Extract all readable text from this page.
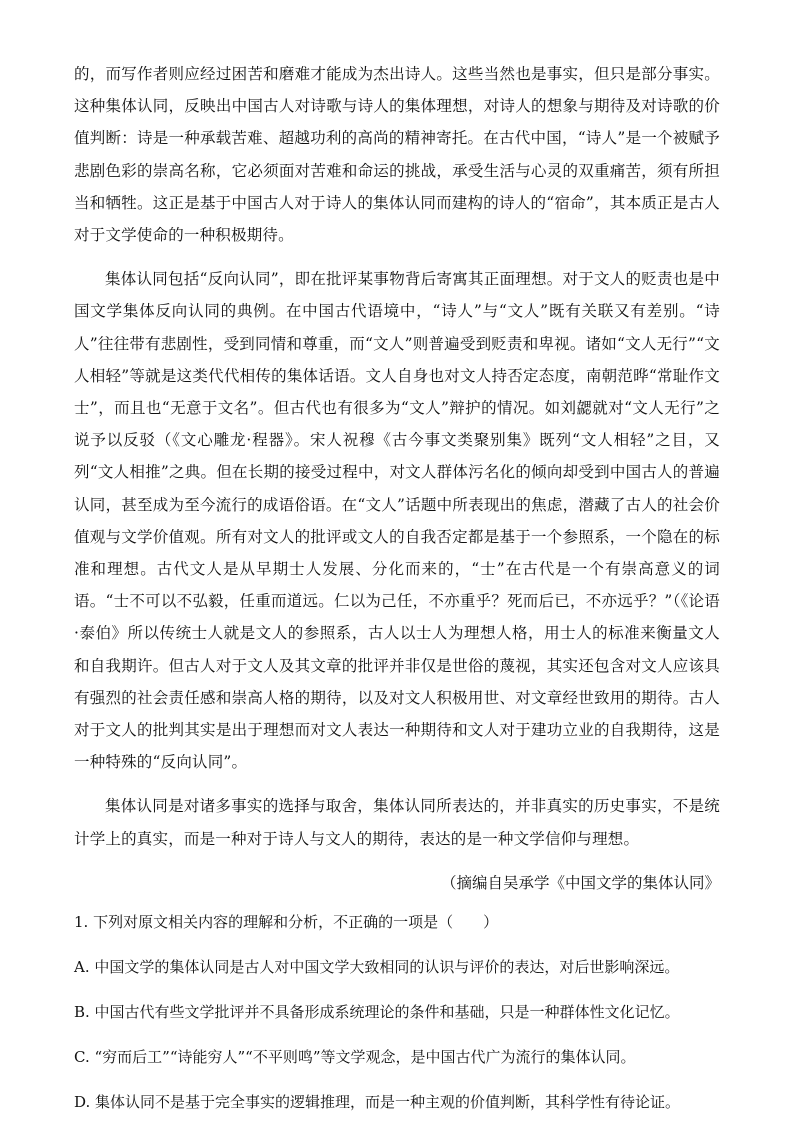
的，而写作者则应经过困苦和磨难才能成为杰出诗人。这些当然也是事实，但只是部分事实。这种集体认同，反映出中国古人对诗歌与诗人的集体理想，对诗人的想象与期待及对诗歌的价值判断：诗是一种承载苦难、超越功利的高尚的精神寄托。在古代中国，“诗人”是一个被赋予悲剧色彩的崇高名称，它必须面对苦难和命运的挑战，承受生活与心灵的双重痛苦，须有所担当和牺牲。这正是基于中国古人对于诗人的集体认同而建构的诗人的“宿命”，其本质正是古人对于文学使命的一种积极期待。

集体认同包括“反向认同”，即在批评某事物背后寄寓其正面理想。对于文人的贬责也是中国文学集体反向认同的典例。在中国古代语境中，“诗人”与“文人”既有关联又有差别。“诗人”往往带有悲剧性，受到同情和尊重，而“文人”则普遍受到贬责和卑视。诸如“文人无行”“文人相轻”等就是这类代代相传的集体话语。文人自身也对文人持否定态度，南朝范晔“常耻作文士”，而且也“无意于文名”。但古代也有很多为“文人”辩护的情况。如刘勰就对“文人无行”之说予以反驳（《文心雕龙·程器》。宋人祝穆《古今事文类聚别集》既列“文人相轻”之目，又列“文人相推”之典。但在长期的接受过程中，对文人群体污名化的倾向却受到中国古人的普遍认同，甚至成为至今流行的成语俗语。在“文人”话题中所表现出的焦虑，潜藏了古人的社会价值观与文学价值观。所有对文人的批评或文人的自我否定都是基于一个参照系，一个隐在的标准和理想。古代文人是从早期士人发展、分化而来的，“士”在古代是一个有崇高意义的词语。“士不可以不弘毅，任重而道远。仁以为己任，不亦重乎？死而后已，不亦远乎？”（《论语·泰伯》所以传统士人就是文人的参照系，古人以士人为理想人格，用士人的标准来衡量文人和自我期许。但古人对于文人及其文章的批评并非仅是世俗的蔑视，其实还包含对文人应该具有强烈的社会责任感和崇高人格的期待，以及对文人积极用世、对文章经世致用的期待。古人对于文人的批判其实是出于理想而对文人表达一种期待和文人对于建功立业的自我期待，这是一种特殊的“反向认同”。

集体认同是对诸多事实的选择与取舍，集体认同所表达的，并非真实的历史事实，不是统计学上的真实，而是一种对于诗人与文人的期待，表达的是一种文学信仰与理想。

（摘编自吴承学《中国文学的集体认同》

1. 下列对原文相关内容的理解和分析，不正确的一项是（　　）

A. 中国文学的集体认同是古人对中国文学大致相同的认识与评价的表达，对后世影响深远。

B. 中国古代有些文学批评并不具备形成系统理论的条件和基础，只是一种群体性文化记忆。

C. “穷而后工”“诗能穷人”“不平则鸣”等文学观念，是中国古代广为流行的集体认同。

D. 集体认同不是基于完全事实的逻辑推理，而是一种主观的价值判断，其科学性有待论证。
